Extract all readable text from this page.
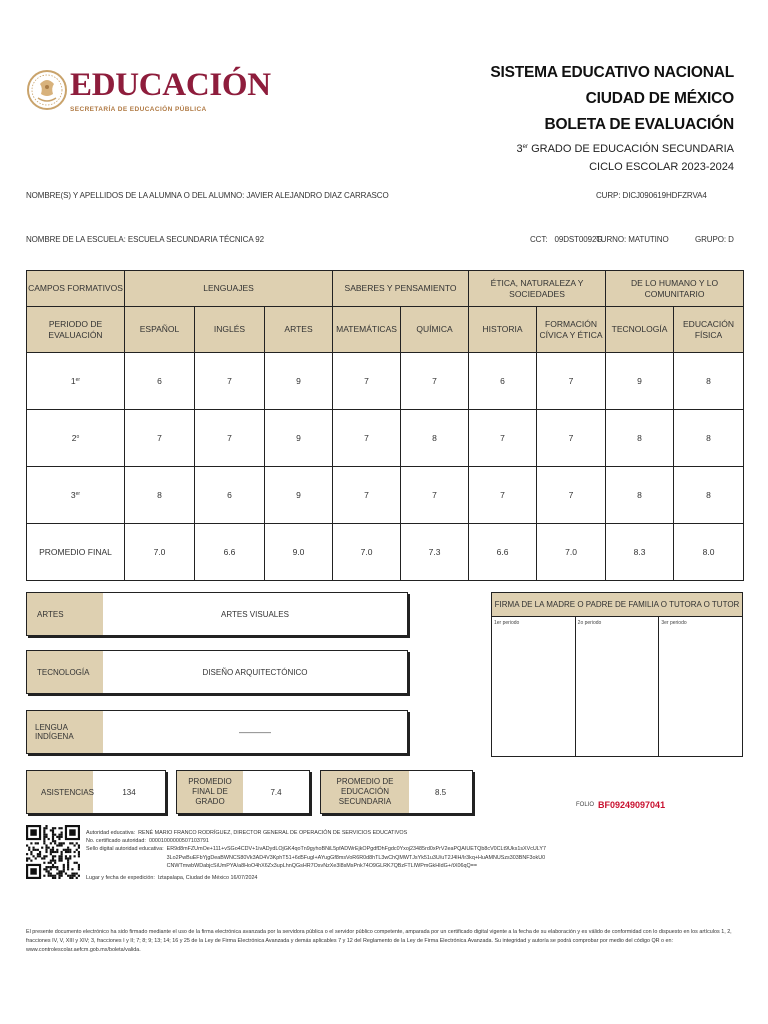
EDUCACIÓN
SECRETARÍA DE EDUCACIÓN PÚBLICA
SISTEMA EDUCATIVO NACIONAL
CIUDAD DE MÉXICO
BOLETA DE EVALUACIÓN
3er GRADO DE EDUCACIÓN SECUNDARIA
CICLO ESCOLAR 2023-2024
NOMBRE(S) Y APELLIDOS DE LA ALUMNA O DEL ALUMNO: JAVIER ALEJANDRO DIAZ CARRASCO	CURP: DICJ090619HDFZRVA4
NOMBRE DE LA ESCUELA: ESCUELA SECUNDARIA TÉCNICA 92	CCT: 09DST0092G
TURNO: MATUTINO	GRUPO: D
CAMPOS FORMATIVOS	LENGUAJES			SABERES Y PENSAMIENTO		ÉTICA, NATURALEZA Y SOCIEDADES		DE LO HUMANO Y LO COMUNITARIO	
PERIODO DE EVALUACIÓN	ESPAÑOL	INGLÉS	ARTES	MATEMÁTICAS	QUÍMICA	HISTORIA	FORMACIÓN CÍVICA Y ÉTICA	TECNOLOGÍA	EDUCACIÓN FÍSICA
1er	6	7	9	7	7	6	7	9	8
2$^o$	7	7	9	7	8	7	7	8	8
3er	8	6	9	7	7	7	7	8	8
PROMEDIO FINAL	7.0	6.6	9.0	7.0	7.3	6.6	7.0	8.3	8.0
ARTES	ARTES VISUALES
TECNOLOGÍA	DISEÑO ARQUITECTÓNICO
LENGUA INDÍGENA	————
ASISTENCIAS	134
PROMEDIO FINAL DE GRADO
7.4
PROMEDIO DE EDUCACIÓN SECUNDARIA
8.5
FIRMA DE LA MADRE O PADRE DE FAMILIA O TUTORA O TUTOR
1er periodo	2o periodo	3er periodo
FOLIO BF09249097041
Autoridad educativa: RENÉ MARIO FRANCO RODRÍGUEZ, DIRECTOR GENERAL DE OPERACIÓN DE SERVICIOS EDUCATIVOS
No. certificado autoridad: 00001000000507103791
Sello digital autoridad educativa: ER9d8mFZUmOe+111+vSGo4CDV+1ivADydLOjGK4qoTn9gyhoBNiL5pfADWrEjkOPgdfDhFgdc0Yxoj23485rd0xPrV2eaPQAIUETQb8cV0CLt9Uks1sXVcULY73Lo2PwBuEFbYjgDeaBWNCS80Vk3AD4V3KphT51+6d5FugI+AYugGf8msVoR6R0d8hTL3wChQMWTJsYk51u3U/uT2J4lH/Ir3kq+HuAMNUSzs303BNF3okU0CNWTmwbWDabjcSiUmPYA/a8HoO4hX6Zx3upLhnQGsHR7OsvNzXe3l8sMsPnk74O9GLRK7QBzFTLIWPmGkHIdG+/tX06qQ==
Lugar y fecha de expedición: Iztapalapa, Ciudad de México 16/07/2024
El presente documento electrónico ha sido firmado mediante el uso de la firma electrónica avanzada por la servidora pública o el servidor público competente, amparada por un certificado digital vigente a la fecha de su elaboración y es válido de conformidad con lo dispuesto en los artículos 1, 2, fracciones IV, V, XIII y XIV; 3, fracciones I y II; 7; 8; 9; 13; 14; 16 y 25 de la Ley de Firma Electrónica Avanzada y demás aplicables 7 y 12 del Reglamento de la Ley de Firma Electrónica Avanzada. Su integridad y autoría se podrá comprobar por medio del código QR o en: www.controlescolar.aefcm.gob.mx/boleta/valida.
